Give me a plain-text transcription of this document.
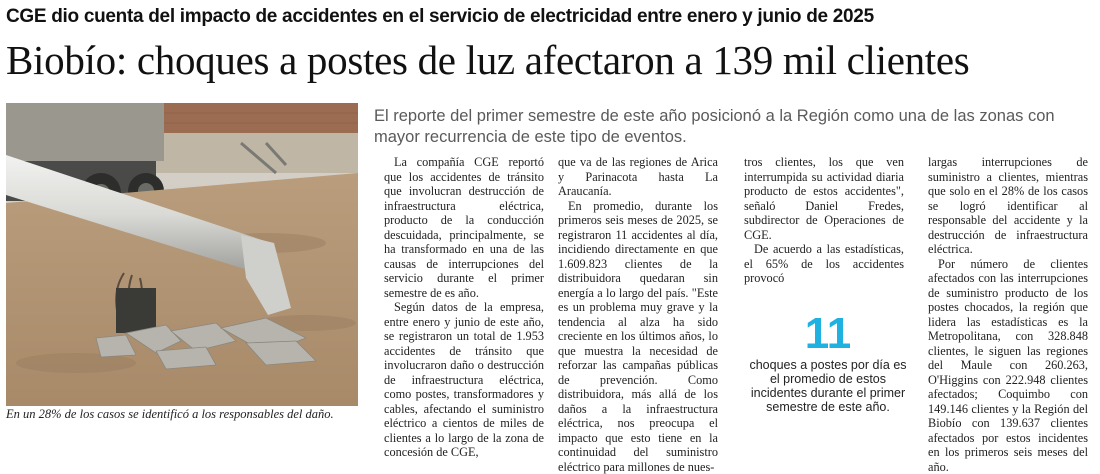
CGE dio cuenta del impacto de accidentes en el servicio de electricidad entre enero y junio de 2025
Biobío: choques a postes de luz afectaron a 139 mil clientes
En un 28% de los casos se identificó a los responsables del daño.
El reporte del primer semestre de este año posicionó a la Región como una de las zonas con mayor recurrencia de este tipo de eventos.

La compañía CGE reportó que los accidentes de tránsito que involucran destrucción de infraestructura eléctrica, producto de la conducción descuidada, principalmente, se ha transformado en una de las causas de interrupciones del servicio durante el primer semestre de es año.

Según datos de la empresa, entre enero y junio de este año, se registraron un total de 1.953 accidentes de tránsito que involucraron daño o destrucción de infraestructura eléctrica, como postes, transformadores y cables, afectando el suministro eléctrico a cientos de miles de clientes a lo largo de la zona de concesión de CGE,

que va de las regiones de Arica y Parinacota hasta La Araucanía.

En promedio, durante los primeros seis meses de 2025, se registraron 11 accidentes al día, incidiendo directamente en que 1.609.823 clientes de la distribuidora quedaran sin energía a lo largo del país. "Este es un problema muy grave y la tendencia al alza ha sido creciente en los últimos años, lo que muestra la necesidad de reforzar las campañas públicas de prevención. Como distribuidora, más allá de los daños a la infraestructura eléctrica, nos preocupa el impacto que esto tiene en la continuidad del suministro eléctrico para millones de nues-

tros clientes, los que ven interrumpida su actividad diaria producto de estos accidentes", señaló Daniel Fredes, subdirector de Operaciones de CGE.

De acuerdo a las estadísticas, el 65% de los accidentes provocó

11
choques a postes por día es el promedio de estos incidentes durante el primer semestre de este año.

largas interrupciones de suministro a clientes, mientras que solo en el 28% de los casos se logró identificar al responsable del accidente y la destrucción de infraestructura eléctrica.

Por número de clientes afectados con las interrupciones de suministro producto de los postes chocados, la región que lidera las estadísticas es la Metropolitana, con 328.848 clientes, le siguen las regiones del Maule con 260.263, O'Higgins con 222.948 clientes afectados; Coquimbo con 149.146 clientes y la Región del Biobío con 139.637 clientes afectados por estos incidentes en los primeros seis meses del año.
